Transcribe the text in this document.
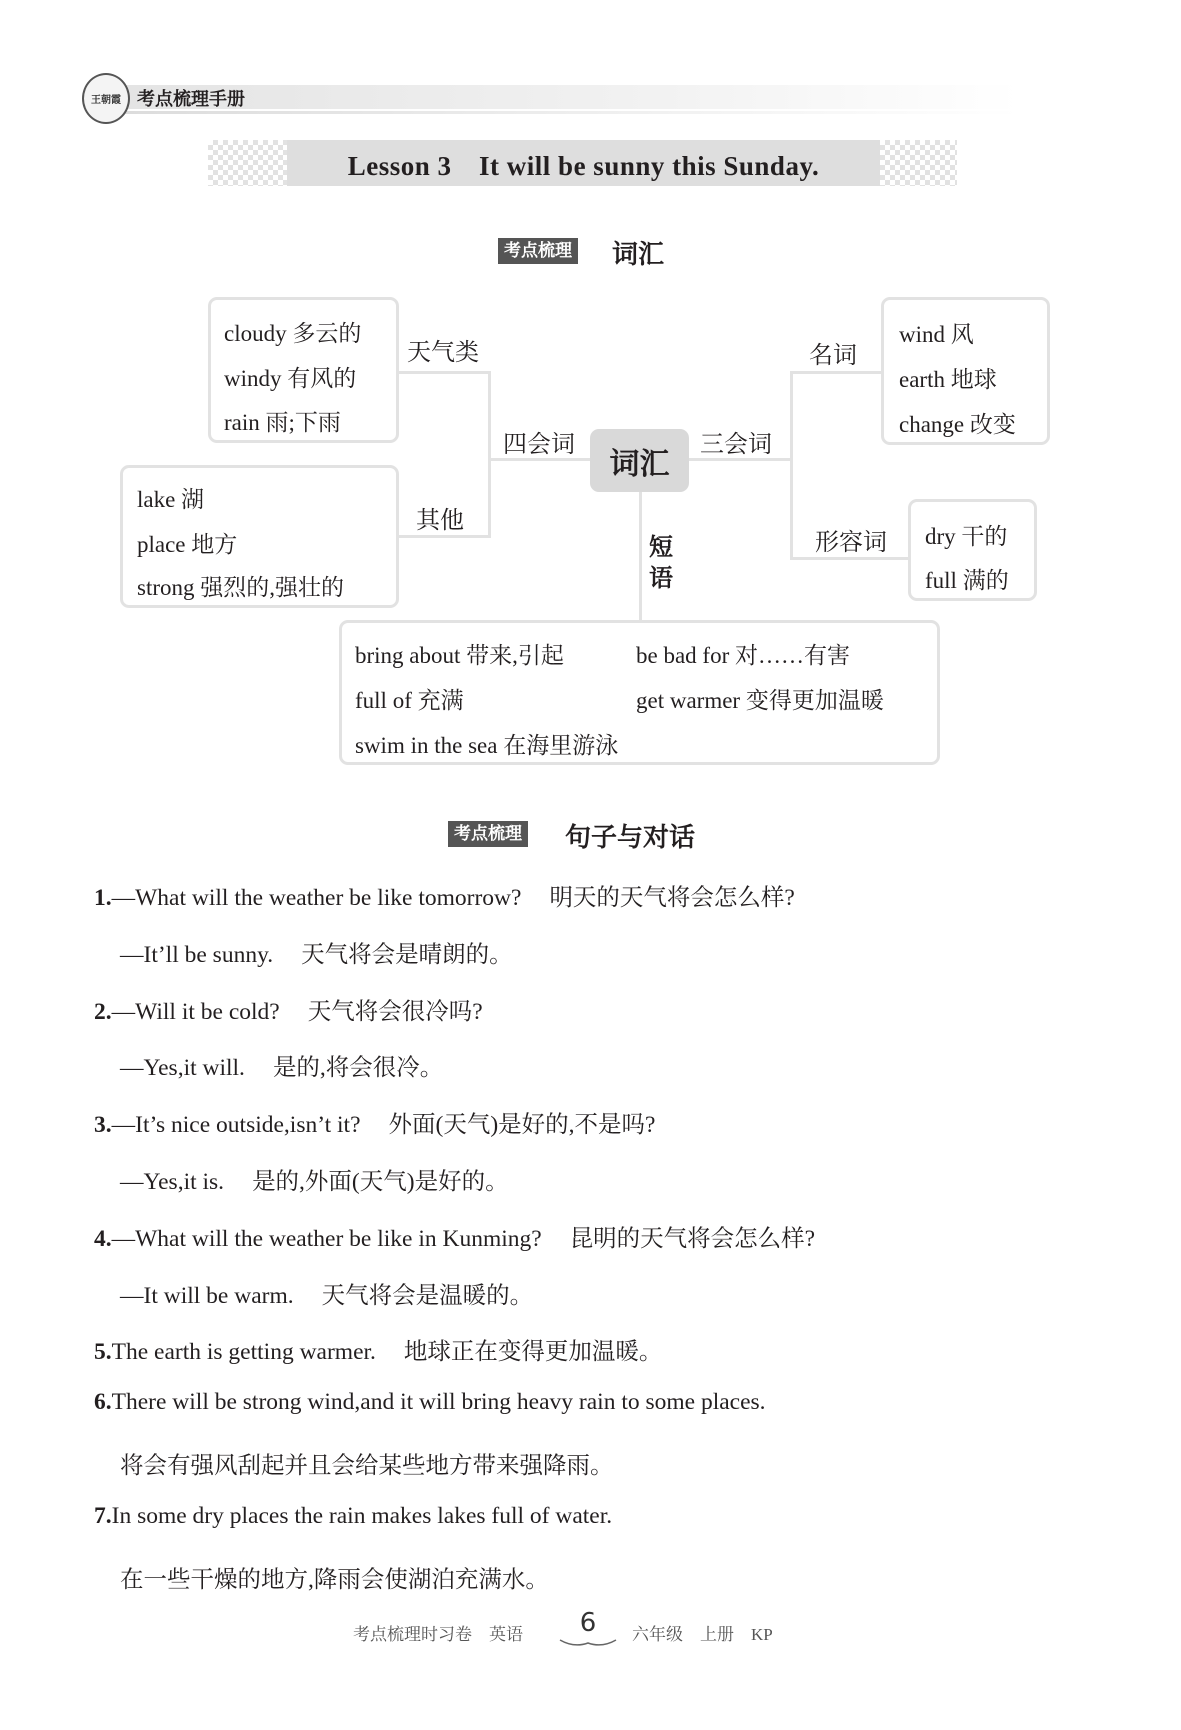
王朝霞 考点梳理手册
Lesson 3　It will be sunny this Sunday.
考点梳理 词汇
词汇
四会词	三会词
短
语
天气类
其他
名词
形容词
cloudy 多云的
windy 有风的
rain 雨;下雨
lake 湖
place 地方
strong 强烈的,强壮的
wind 风
earth 地球
change 改变
dry 干的
full 满的
bring about 带来,引起	be bad for 对……有害
full of 充满	get warmer 变得更加温暖
swim in the sea 在海里游泳
考点梳理 句子与对话
1.—What will the weather be like tomorrow? 明天的天气将会怎么样?
—It’ll be sunny. 天气将会是晴朗的。
2.—Will it be cold? 天气将会很冷吗?
—Yes,it will. 是的,将会很冷。
3.—It’s nice outside,isn’t it? 外面(天气)是好的,不是吗?
—Yes,it is. 是的,外面(天气)是好的。
4.—What will the weather be like in Kunming? 昆明的天气将会怎么样?
—It will be warm. 天气将会是温暖的。
5.The earth is getting warmer. 地球正在变得更加温暖。
6.There will be strong wind,and it will bring heavy rain to some places.
将会有强风刮起并且会给某些地方带来强降雨。
7.In some dry places the rain makes lakes full of water.
在一些干燥的地方,降雨会使湖泊充满水。
考点梳理时习卷　英语	6	六年级　上册　KP
